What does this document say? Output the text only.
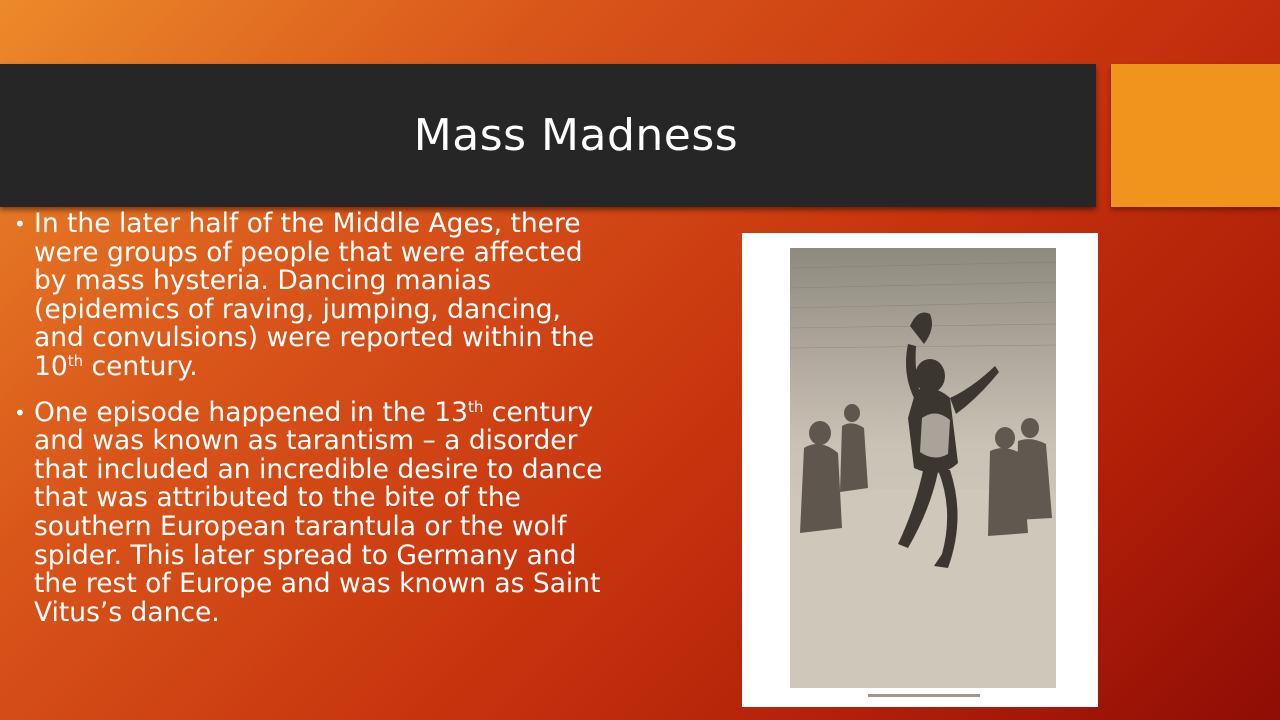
Mass Madness
• In the later half of the Middle Ages, there were groups of people that were affected by mass hysteria. Dancing manias (epidemics of raving, jumping, dancing, and convulsions) were reported within the 10th century.
• One episode happened in the 13th century and was known as tarantism – a disorder that included an incredible desire to dance that was attributed to the bite of the southern European tarantula or the wolf spider. This later spread to Germany and the rest of Europe and was known as Saint Vitus’s dance.
